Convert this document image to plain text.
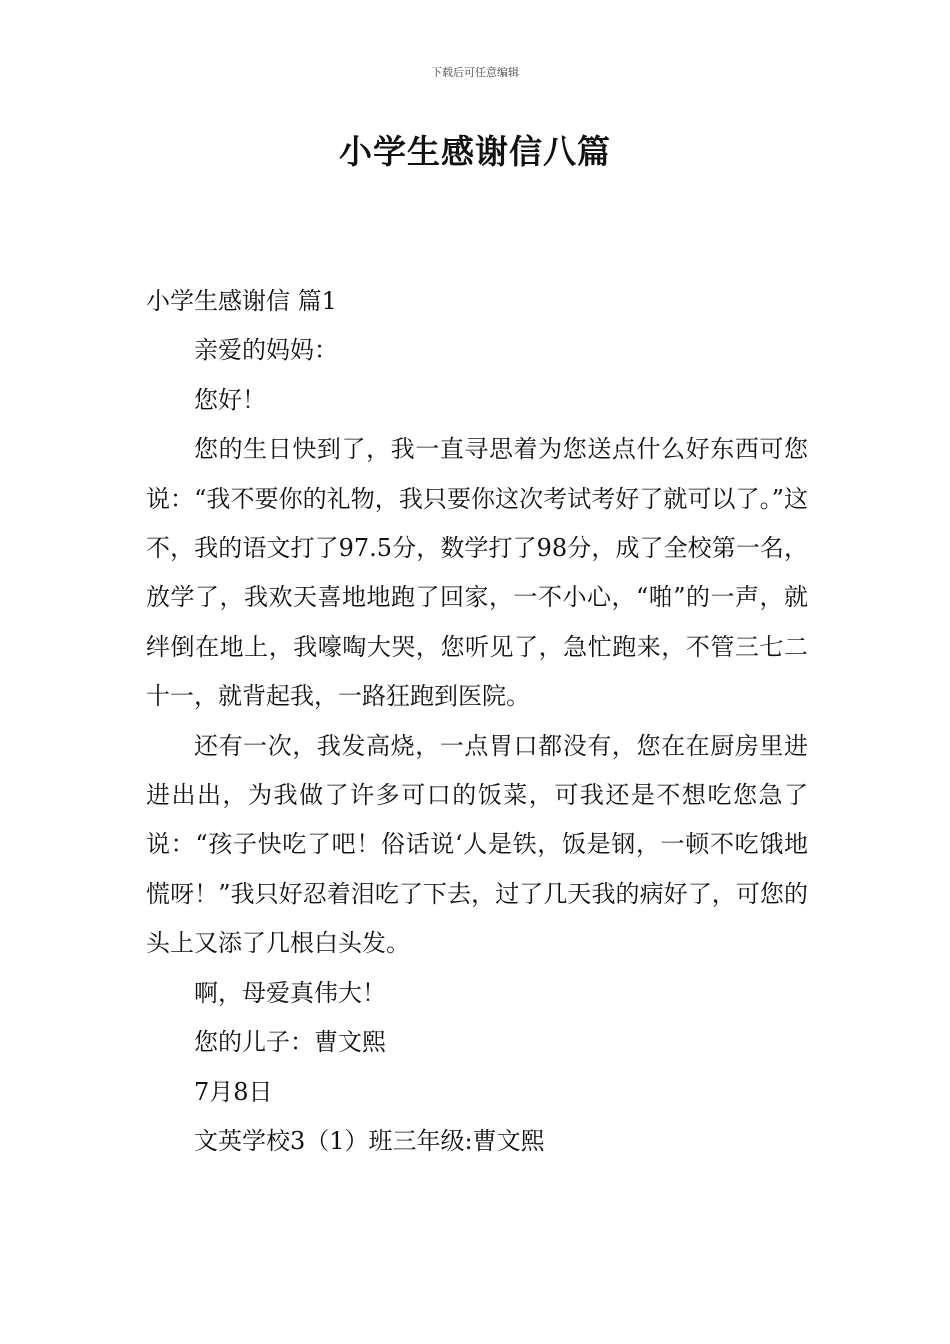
下载后可任意编辑
小学生感谢信八篇

小学生感谢信 篇1

亲爱的妈妈：

您好！

您的生日快到了，我一直寻思着为您送点什么好东西可您说：“我不要你的礼物，我只要你这次考试考好了就可以了。”这不，我的语文打了97.5分，数学打了98分，成了全校第一名，放学了，我欢天喜地地跑了回家，一不小心，“啪”的一声，就绊倒在地上，我嚎啕大哭，您听见了，急忙跑来，不管三七二十一，就背起我，一路狂跑到医院。

还有一次，我发高烧，一点胃口都没有，您在在厨房里进进出出，为我做了许多可口的饭菜，可我还是不想吃您急了说：“孩子快吃了吧！俗话说‘人是铁，饭是钢，一顿不吃饿地慌呀！”我只好忍着泪吃了下去，过了几天我的病好了，可您的头上又添了几根白头发。

啊，母爱真伟大！

您的儿子：曹文熙

7月8日

文英学校3（1）班三年级:曹文熙
